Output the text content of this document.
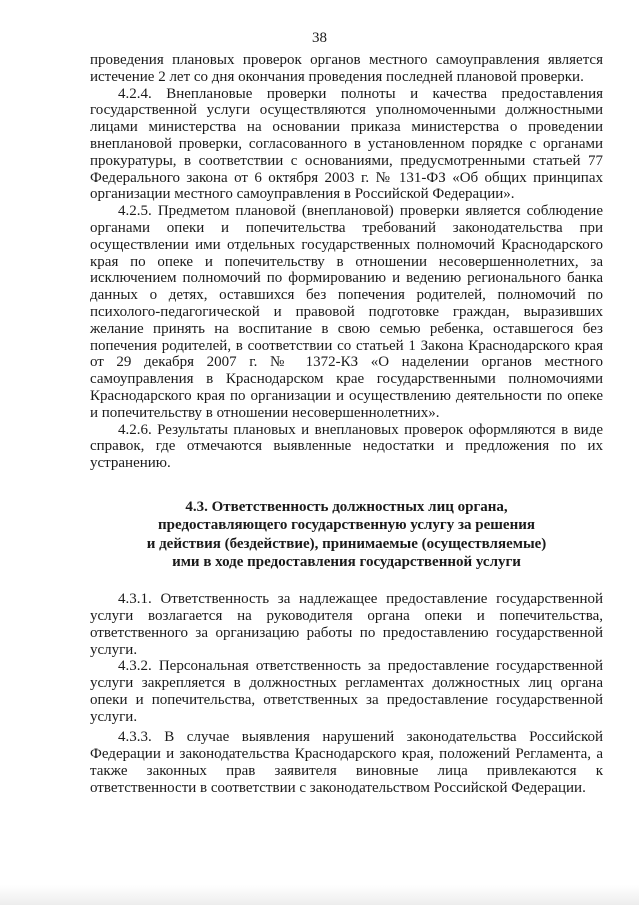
38

проведения плановых проверок органов местного самоуправления является истечение 2 лет со дня окончания проведения последней плановой проверки.

4.2.4. Внеплановые проверки полноты и качества предоставления государственной услуги осуществляются уполномоченными должностными лицами министерства на основании приказа министерства о проведении внеплановой проверки, согласованного в установленном порядке с органами прокуратуры, в соответствии с основаниями, предусмотренными статьей 77 Федерального закона от 6 октября 2003 г. № 131-ФЗ «Об общих принципах организации местного самоуправления в Российской Федерации».

4.2.5. Предметом плановой (внеплановой) проверки является соблюдение органами опеки и попечительства требований законодательства при осуществлении ими отдельных государственных полномочий Краснодарского края по опеке и попечительству в отношении несовершеннолетних, за исключением полномочий по формированию и ведению регионального банка данных о детях, оставшихся без попечения родителей, полномочий по психолого-педагогической и правовой подготовке граждан, выразивших желание принять на воспитание в свою семью ребенка, оставшегося без попечения родителей, в соответствии со статьей 1 Закона Краснодарского края от 29 декабря 2007 г. № 1372-КЗ «О наделении органов местного самоуправления в Краснодарском крае государственными полномочиями Краснодарского края по организации и осуществлению деятельности по опеке и попечительству в отношении несовершеннолетних».

4.2.6. Результаты плановых и внеплановых проверок оформляются в виде справок, где отмечаются выявленные недостатки и предложения по их устранению.

4.3. Ответственность должностных лиц органа,
предоставляющего государственную услугу за решения
и действия (бездействие), принимаемые (осуществляемые)
ими в ходе предоставления государственной услуги

4.3.1. Ответственность за надлежащее предоставление государственной услуги возлагается на руководителя органа опеки и попечительства, ответственного за организацию работы по предоставлению государственной услуги.

4.3.2. Персональная ответственность за предоставление государственной услуги закрепляется в должностных регламентах должностных лиц органа опеки и попечительства, ответственных за предоставление государственной услуги.

4.3.3. В случае выявления нарушений законодательства Российской Федерации и законодательства Краснодарского края, положений Регламента, а также законных прав заявителя виновные лица привлекаются к ответственности в соответствии с законодательством Российской Федерации.
